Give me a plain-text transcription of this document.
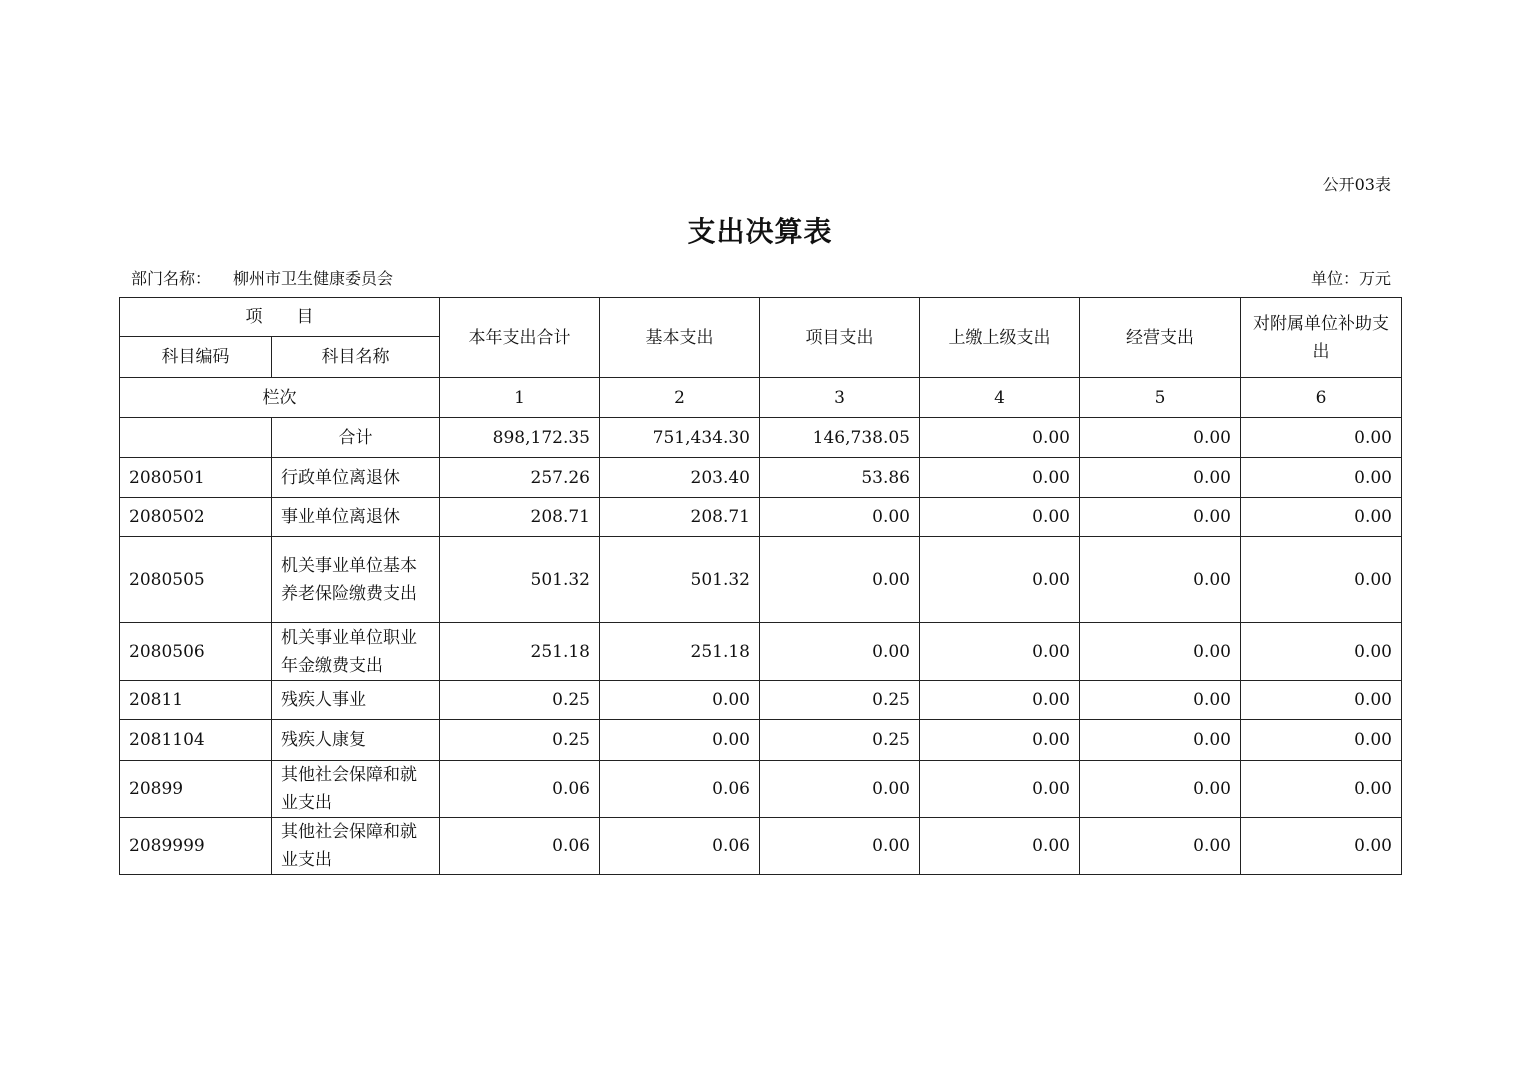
公开03表
支出决算表
部门名称： 柳州市卫生健康委员会	单位：万元
项　　目		本年支出合计	基本支出	项目支出	上缴上级支出	经营支出	对附属单位补助支出
科目编码	科目名称						
栏次		1	2	3	4	5	6
	合计	898,172.35	751,434.30	146,738.05	0.00	0.00	0.00
2080501	行政单位离退休	257.26	203.40	53.86	0.00	0.00	0.00
2080502	事业单位离退休	208.71	208.71	0.00	0.00	0.00	0.00
2080505	机关事业单位基本养老保险缴费支出	501.32	501.32	0.00	0.00	0.00	0.00
2080506	机关事业单位职业年金缴费支出	251.18	251.18	0.00	0.00	0.00	0.00
20811	残疾人事业	0.25	0.00	0.25	0.00	0.00	0.00
2081104	残疾人康复	0.25	0.00	0.25	0.00	0.00	0.00
20899	其他社会保障和就业支出	0.06	0.06	0.00	0.00	0.00	0.00
2089999	其他社会保障和就业支出	0.06	0.06	0.00	0.00	0.00	0.00
